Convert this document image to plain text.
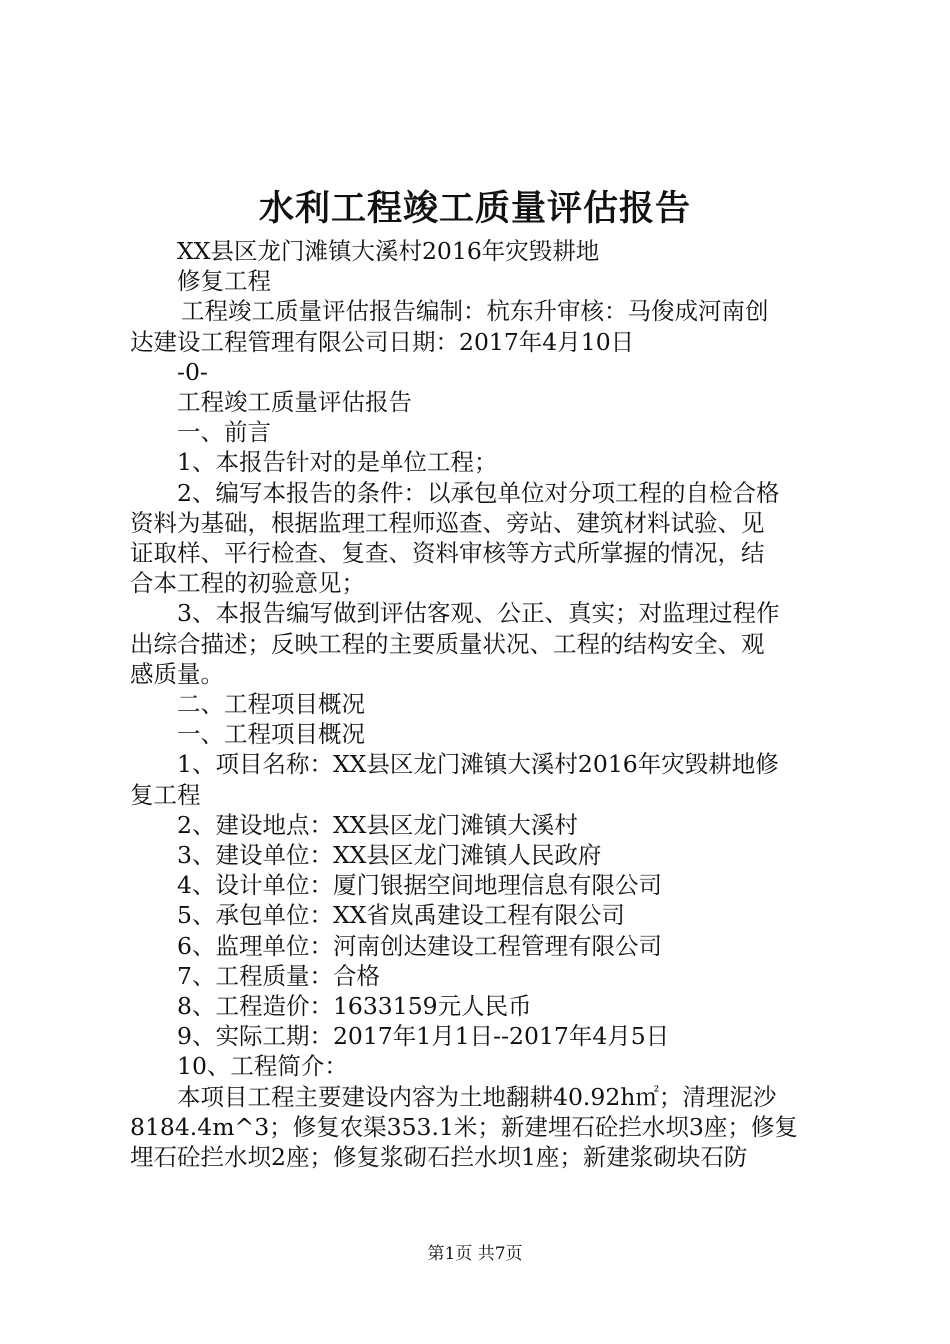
水利工程竣工质量评估报告
XX县区龙门滩镇大溪村2016年灾毁耕地
修复工程
工程竣工质量评估报告编制：杭东升审核：马俊成河南创
达建设工程管理有限公司日期：2017年4月10日
-0-
工程竣工质量评估报告
一、前言
1、本报告针对的是单位工程；
2、编写本报告的条件：以承包单位对分项工程的自检合格
资料为基础，根据监理工程师巡查、旁站、建筑材料试验、见
证取样、平行检查、复查、资料审核等方式所掌握的情况，结
合本工程的初验意见；
3、本报告编写做到评估客观、公正、真实；对监理过程作
出综合描述；反映工程的主要质量状况、工程的结构安全、观
感质量。
二、工程项目概况
一、工程项目概况
1、项目名称：XX县区龙门滩镇大溪村2016年灾毁耕地修
复工程
2、建设地点：XX县区龙门滩镇大溪村
3、建设单位：XX县区龙门滩镇人民政府
4、设计单位：厦门银据空间地理信息有限公司
5、承包单位：XX省岚禹建设工程有限公司
6、监理单位：河南创达建设工程管理有限公司
7、工程质量：合格
8、工程造价：1633159元人民币
9、实际工期：2017年1月1日--2017年4月5日
10、工程简介：
本项目工程主要建设内容为土地翻耕40.92h㎡；清理泥沙
8184.4m^3；修复农渠353.1米；新建埋石砼拦水坝3座；修复
埋石砼拦水坝2座；修复浆砌石拦水坝1座；新建浆砌块石防
第1页 共7页
